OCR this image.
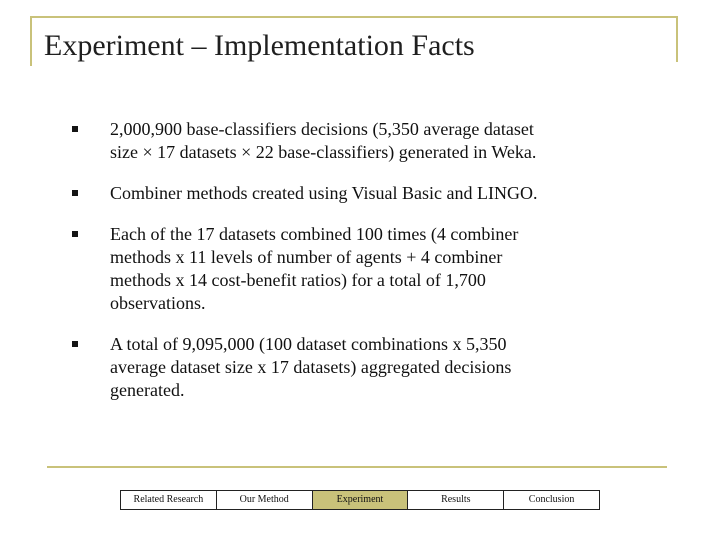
Experiment – Implementation Facts
2,000,900 base-classifiers decisions (5,350 average dataset
size × 17 datasets × 22 base-classifiers) generated in Weka.
Combiner methods created using Visual Basic and LINGO.
Each of the 17 datasets combined 100 times (4 combiner
methods x 11 levels of number of agents + 4 combiner
methods x 14 cost-benefit ratios) for a total of 1,700
observations.
A total of 9,095,000 (100 dataset combinations x 5,350
average dataset size x 17 datasets) aggregated decisions
generated.
Related Research	Our Method	Experiment	Results	Conclusion
